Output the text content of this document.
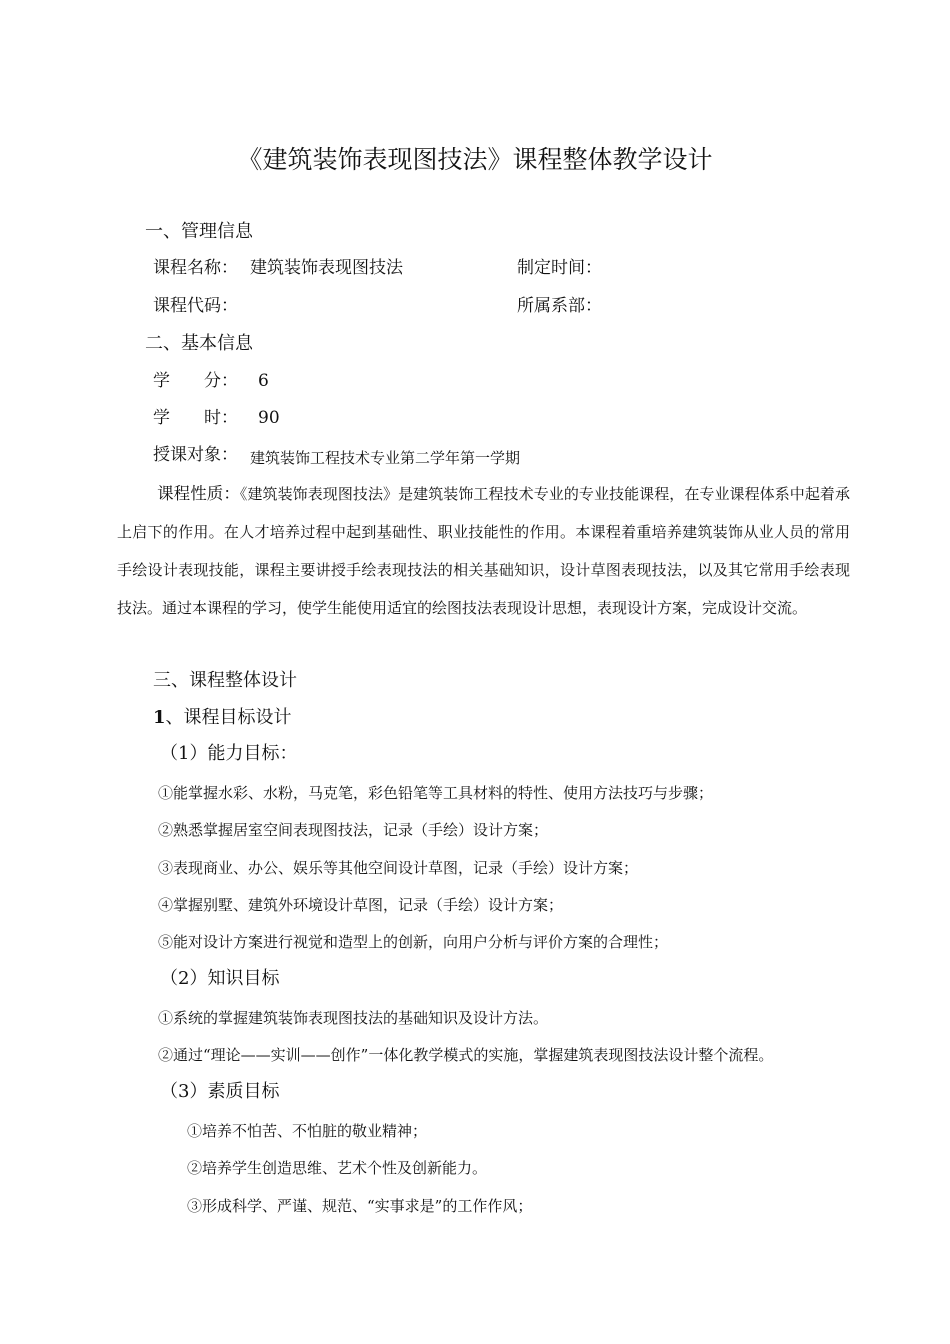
《建筑装饰表现图技法》课程整体教学设计
一、管理信息
课程名称： 建筑装饰表现图技法	制定时间：
课程代码：	所属系部：
二、基本信息
学　　分： 6
学　　时： 90
授课对象： 建筑装饰工程技术专业第二学年第一学期
课程性质：《建筑装饰表现图技法》是建筑装饰工程技术专业的专业技能课程，在专业课程体系中起着承上启下的作用。在人才培养过程中起到基础性、职业技能性的作用。本课程着重培养建筑装饰从业人员的常用手绘设计表现技能，课程主要讲授手绘表现技法的相关基础知识，设计草图表现技法，以及其它常用手绘表现技法。通过本课程的学习，使学生能使用适宜的绘图技法表现设计思想，表现设计方案，完成设计交流。
三、课程整体设计
1、课程目标设计
（1）能力目标：
①能掌握水彩、水粉，马克笔，彩色铅笔等工具材料的特性、使用方法技巧与步骤；
②熟悉掌握居室空间表现图技法，记录（手绘）设计方案；
③表现商业、办公、娱乐等其他空间设计草图，记录（手绘）设计方案；
④掌握别墅、建筑外环境设计草图，记录（手绘）设计方案；
⑤能对设计方案进行视觉和造型上的创新，向用户分析与评价方案的合理性；
（2）知识目标
①系统的掌握建筑装饰表现图技法的基础知识及设计方法。
②通过“理论——实训——创作”一体化教学模式的实施，掌握建筑表现图技法设计整个流程。
（3）素质目标
①培养不怕苦、不怕脏的敬业精神；
②培养学生创造思维、艺术个性及创新能力。
③形成科学、严谨、规范、“实事求是”的工作作风；
